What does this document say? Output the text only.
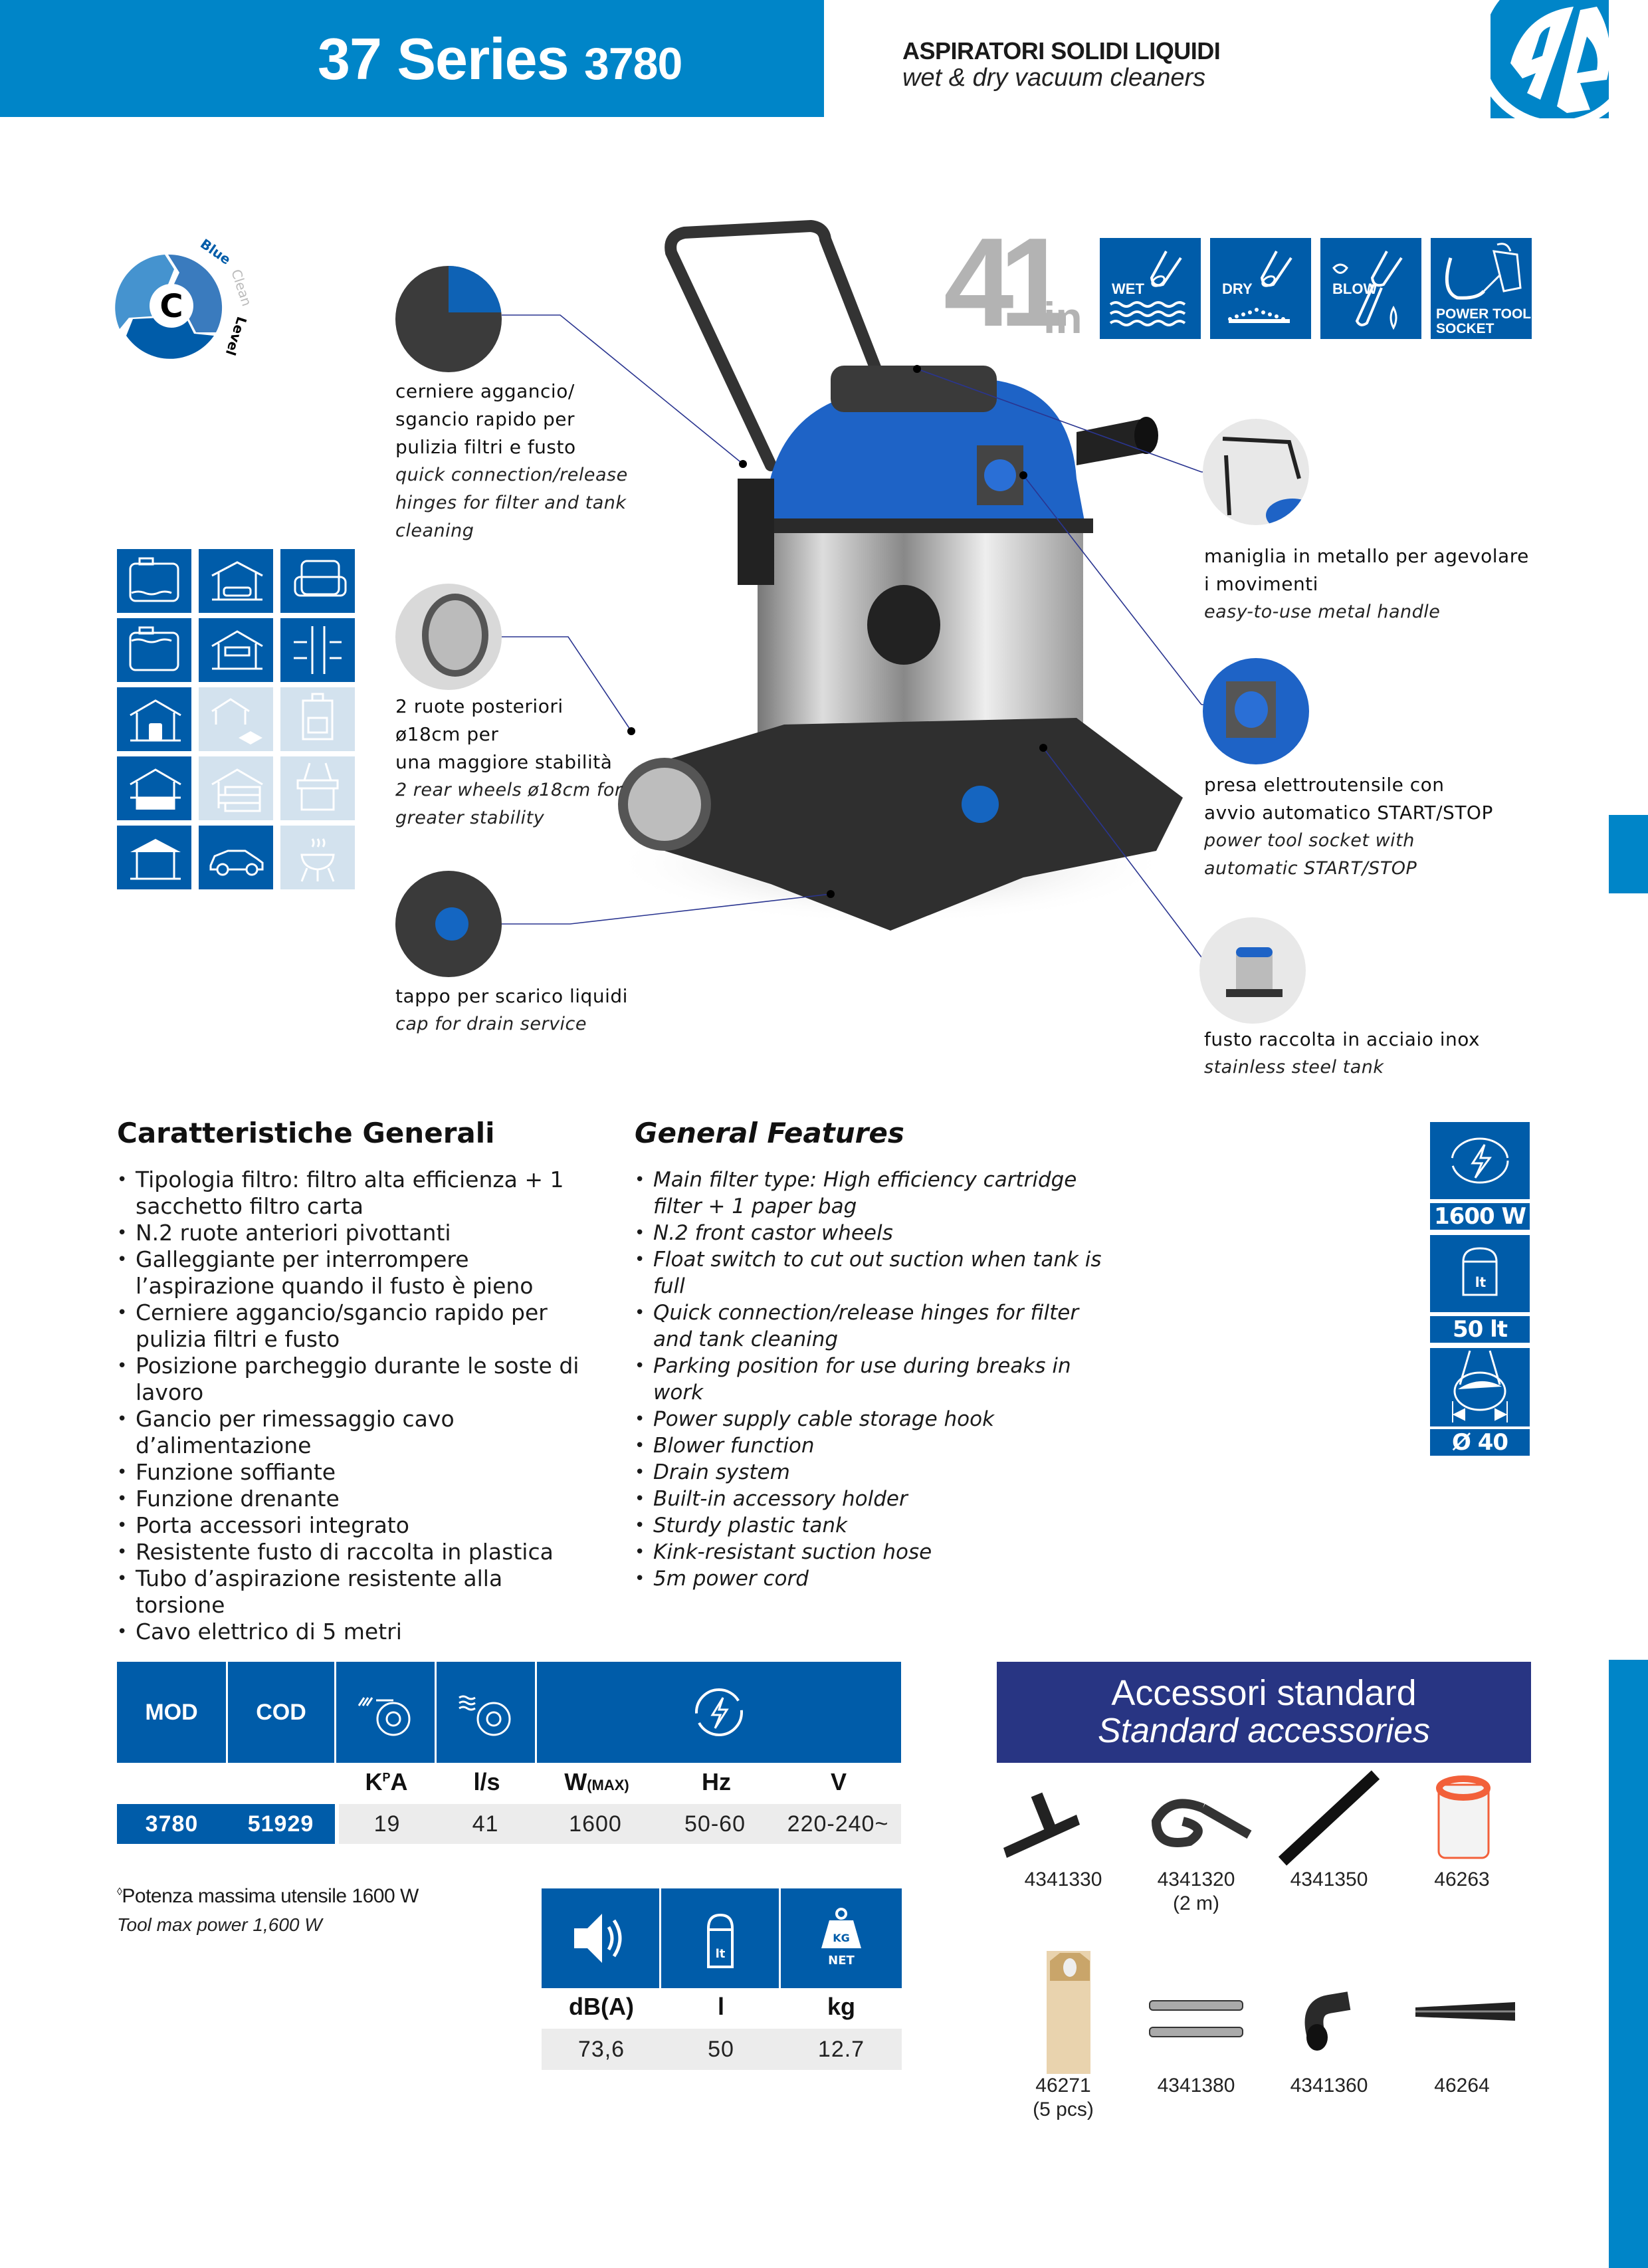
37 Series 3780	ASPIRATORI SOLIDI LIQUIDI
wet & dry vacuum cleaners
C
Blue
Clean
Level	41
in
WET	DRY	BLOW
POWER TOOL
SOCKET
cerniere aggancio/
sgancio rapido per
pulizia filtri e fusto
quick connection/release
hinges for filter and tank
cleaning
2 ruote posteriori
ø18cm per
una maggiore stabilità
2 rear wheels ø18cm for
greater stability
tappo per scarico liquidi
cap for drain service
maniglia in metallo per agevolare
i movimenti
easy-to-use metal handle
presa elettroutensile con
avvio automatico START/STOP
power tool socket with
automatic START/STOP
fusto raccolta in acciaio inox
stainless steel tank
Caratteristiche Generali
• Tipologia filtro: filtro alta efficienza + 1 sacchetto filtro carta
• N.2 ruote anteriori pivottanti
• Galleggiante per interrompere l’aspirazione quando il fusto è pieno
• Cerniere aggancio/sgancio rapido per pulizia filtri e fusto
• Posizione parcheggio durante le soste di lavoro
• Gancio per rimessaggio cavo d’alimentazione
• Funzione soffiante
• Funzione drenante
• Porta accessori integrato
• Resistente fusto di raccolta in plastica
• Tubo d’aspirazione resistente alla torsione
• Cavo elettrico di 5 metri
General Features
• Main filter type: High efficiency cartridge filter + 1 paper bag
• N.2 front castor wheels
• Float switch to cut out suction when tank is full
• Quick connection/release hinges for filter and tank cleaning
• Parking position for use during breaks in work
• Power supply cable storage hook
• Blower function
• Drain system
• Built-in accessory holder
• Sturdy plastic tank
• Kink-resistant suction hose
• 5m power cord
1600 W
lt
50 lt
Ø 40
MOD	COD
$K^PA$	l/s	W(MAX)	Hz	V
3780	51929	19	41	1600	50-60	220-240~
◊Potenza massima utensile 1600 W
Tool max power 1,600 W
lt
KG
NET
dB(A)	l	kg
73,6	50	12.7
Accessori standard
Standard accessories
4341330	4341320
(2 m)
4341350	46263
46271
(5 pcs)
4341380	4341360	46264
